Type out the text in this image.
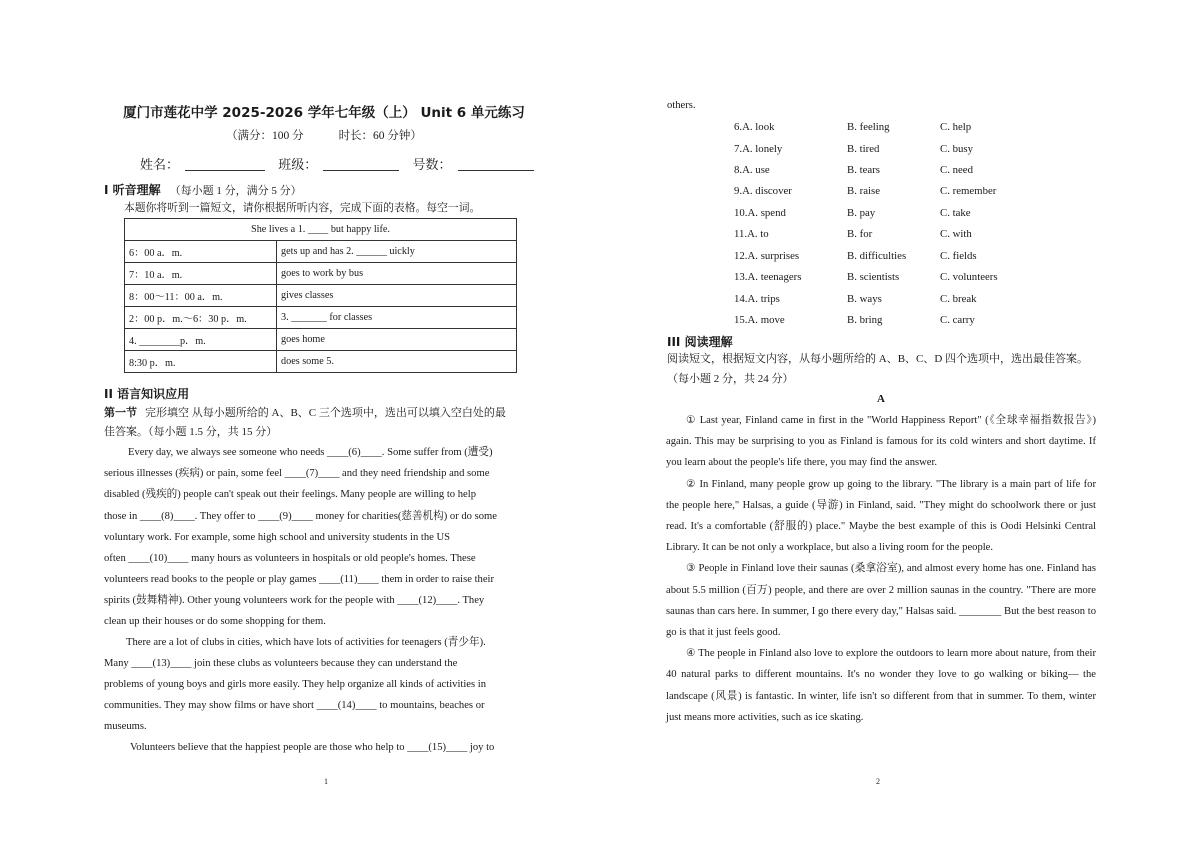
厦门市莲花中学 2025-2026 学年七年级（上） Unit 6 单元练习
（满分：100 分	时长：60 分钟）
姓名：	班级：	号数：
I 听音理解 （每小题 1 分，满分 5 分）
本题你将听到一篇短文，请你根据所听内容，完成下面的表格。每空一词。
She lives a 1. ____ but happy life.	
6：00 a．m.	gets up and has 2. ______ uickly
7：10 a．m.	goes to work by bus
8：00～11：00 a．m.	gives classes
2：00 p．m.～6：30 p．m.	3. _______ for classes
4. ________p．m.	goes home
8:30 p．m.	does some 5.
II 语言知识应用
第一节 完形填空 从每小题所给的 A、B、C 三个选项中，选出可以填入空白处的最
佳答案。（每小题 1.5 分，共 15 分）
Every day, we always see someone who needs ____(6)____. Some suffer from (遭受)
serious illnesses (疾病) or pain, some feel ____(7)____ and they need friendship and some
disabled (残疾的) people can't speak out their feelings. Many people are willing to help
those in ____(8)____. They offer to ____(9)____ money for charities(慈善机构) or do some
voluntary work. For example, some high school and university students in the US
often ____(10)____ many hours as volunteers in hospitals or old people's homes. These
volunteers read books to the people or play games ____(11)____ them in order to raise their
spirits (鼓舞精神). Other young volunteers work for the people with ____(12)____. They
clean up their houses or do some shopping for them.
There are a lot of clubs in cities, which have lots of activities for teenagers (青少年).
Many ____(13)____ join these clubs as volunteers because they can understand the
problems of young boys and girls more easily. They help organize all kinds of activities in
communities. They may show films or have short ____(14)____ to mountains, beaches or
museums.
Volunteers believe that the happiest people are those who help to ____(15)____ joy to
1
others.
6.A. look	B. feeling	C. help
7.A. lonely	B. tired	C. busy
8.A. use	B. tears	C. need
9.A. discover	B. raise	C. remember
10.A. spend	B. pay	C. take
11.A. to	B. for	C. with
12.A. surprises	B. difficulties	C. fields
13.A. teenagers	B. scientists	C. volunteers
14.A. trips	B. ways	C. break
15.A. move	B. bring	C. carry
III 阅读理解
阅读短文，根据短文内容，从每小题所给的 A、B、C、D 四个选项中，选出最佳答案。
（每小题 2 分，共 24 分）
A

① Last year, Finland came in first in the "World Happiness Report" (《全球幸福指数报告》) again. This may be surprising to you as Finland is famous for its cold winters and short daytime. If you learn about the people's life there, you may find the answer.

② In Finland, many people grow up going to the library. "The library is a main part of life for the people here," Halsas, a guide (导游) in Finland, said. "They might do schoolwork there or just read. It's a comfortable (舒服的) place." Maybe the best example of this is Oodi Helsinki Central Library. It can be not only a workplace, but also a living room for the people.

③ People in Finland love their saunas (桑拿浴室), and almost every home has one. Finland has about 5.5 million (百万) people, and there are over 2 million saunas in the country. "There are more saunas than cars here. In summer, I go there every day," Halsas said. ________ But the best reason to go is that it just feels good.

④ The people in Finland also love to explore the outdoors to learn more about nature, from their 40 natural parks to different mountains. It's no wonder they love to go walking or biking— the landscape (风景) is fantastic. In winter, life isn't so different from that in summer. To them, winter just means more activities, such as ice skating.

2
